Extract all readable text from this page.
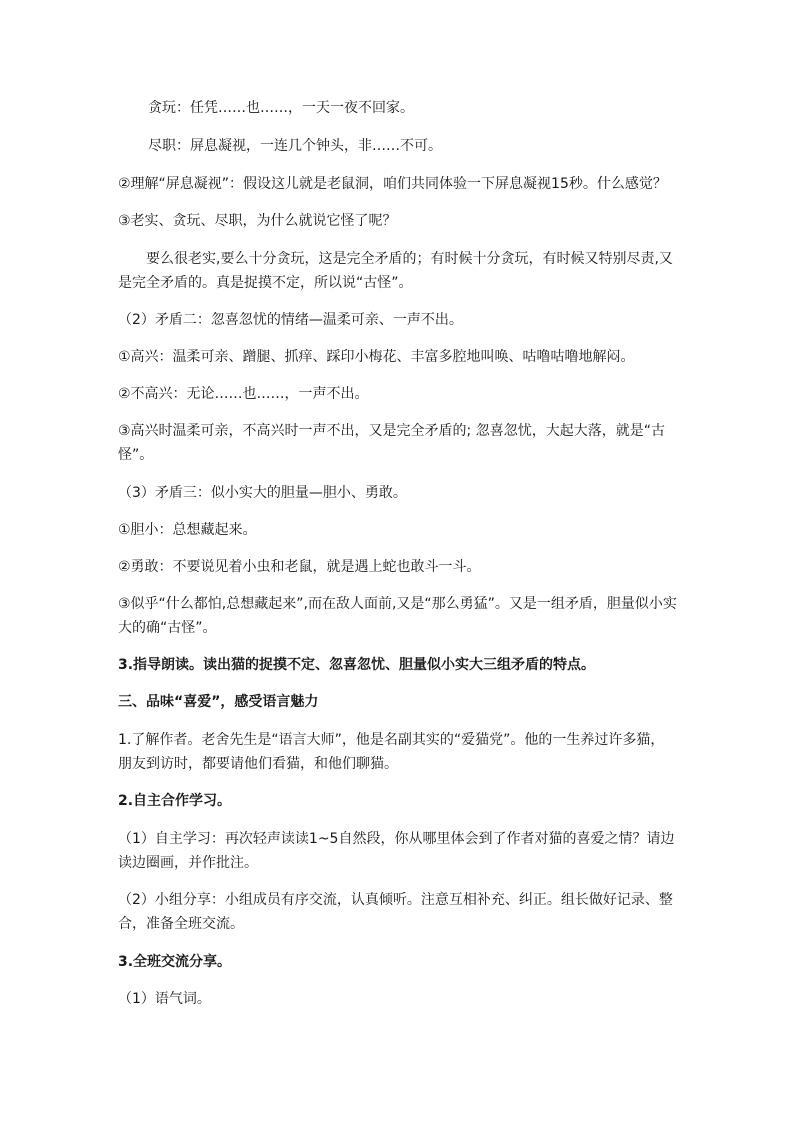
贪玩：任凭……也……，一天一夜不回家。
尽职：屏息凝视，一连几个钟头，非……不可。
②理解“屏息凝视”：假设这儿就是老鼠洞，咱们共同体验一下屏息凝视15秒。什么感觉？
③老实、贪玩、尽职，为什么就说它怪了呢？
要么很老实,要么十分贪玩，这是完全矛盾的；有时候十分贪玩，有时候又特别尽责,又是完全矛盾的。真是捉摸不定，所以说“古怪”。
（2）矛盾二：忽喜忽忧的情绪—温柔可亲、一声不出。
①高兴：温柔可亲、蹭腿、抓痒、踩印小梅花、丰富多腔地叫唤、咕噜咕噜地解闷。
②不高兴：无论……也……，一声不出。
③高兴时温柔可亲，不高兴时一声不出，又是完全矛盾的; 忽喜忽忧，大起大落，就是“古怪”。
（3）矛盾三：似小实大的胆量—胆小、勇敢。
①胆小：总想藏起来。
②勇敢：不要说见着小虫和老鼠，就是遇上蛇也敢斗一斗。
③似乎“什么都怕,总想藏起来”,而在敌人面前,又是“那么勇猛”。又是一组矛盾，胆量似小实大的确“古怪”。
3.指导朗读。读出猫的捉摸不定、忽喜忽忧、胆量似小实大三组矛盾的特点。
三、品味“喜爱”，感受语言魅力
1.了解作者。老舍先生是“语言大师”，他是名副其实的“爱猫党”。他的一生养过许多猫，朋友到访时，都要请他们看猫，和他们聊猫。
2.自主合作学习。
（1）自主学习：再次轻声读读1~5自然段，你从哪里体会到了作者对猫的喜爱之情？请边读边圈画，并作批注。
（2）小组分享：小组成员有序交流，认真倾听。注意互相补充、纠正。组长做好记录、整合，准备全班交流。
3.全班交流分享。
（1）语气词。
